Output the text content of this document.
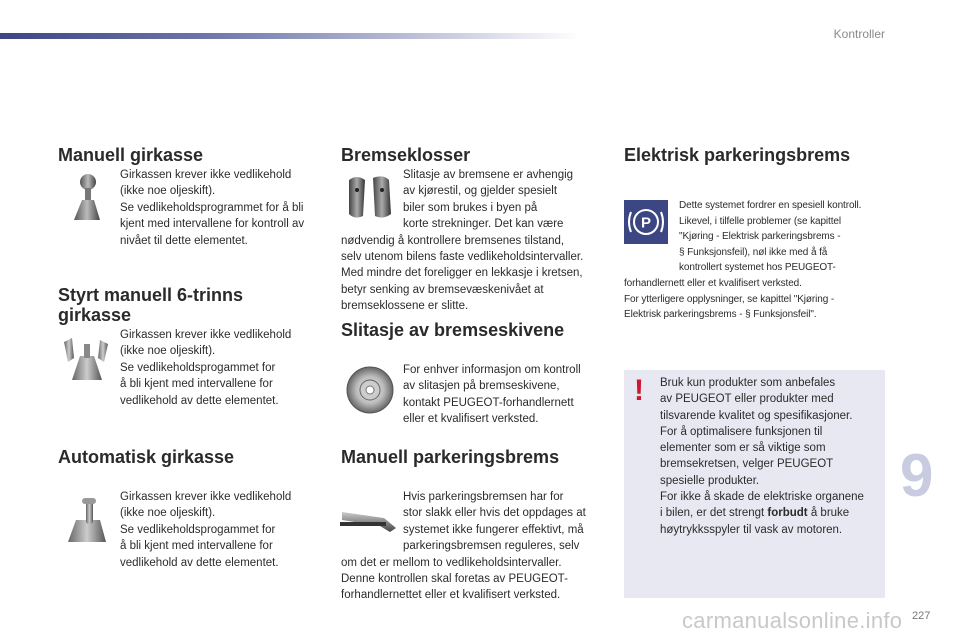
Kontroller
Manuell girkasse

Girkassen krever ikke vedlikehold
(ikke noe oljeskift).
Se vedlikeholdsprogrammet for å bli
kjent med intervallene for kontroll av
nivået til dette elementet.

Styrt manuell 6-trinns
girkasse

Girkassen krever ikke vedlikehold
(ikke noe oljeskift).
Se vedlikeholdsprogammet for
å bli kjent med intervallene for
vedlikehold av dette elementet.

Automatisk girkasse

Girkassen krever ikke vedlikehold
(ikke noe oljeskift).
Se vedlikeholdsprogammet for
å bli kjent med intervallene for
vedlikehold av dette elementet.

Bremseklosser

Slitasje av bremsene er avhengig
av kjørestil, og gjelder spesielt
biler som brukes i byen på
korte strekninger. Det kan være
nødvendig å kontrollere bremsenes tilstand,
selv utenom bilens faste vedlikeholdsintervaller.
Med mindre det foreligger en lekkasje i kretsen,
betyr senking av bremsevæskenivået at
bremseklossene er slitte.

Slitasje av bremseskivene

For enhver informasjon om kontroll
av slitasjen på bremseskivene,
kontakt PEUGEOT-forhandlernett
eller et kvalifisert verksted.

Manuell parkeringsbrems

Hvis parkeringsbremsen har for
stor slakk eller hvis det oppdages at
systemet ikke fungerer effektivt, må
parkeringsbremsen reguleres, selv
om det er mellom to vedlikeholdsintervaller.
Denne kontrollen skal foretas av PEUGEOT-
forhandlernettet eller et kvalifisert verksted.

Elektrisk parkeringsbrems
P

Dette systemet fordrer en spesiell kontroll.
Likevel, i tilfelle problemer (se kapittel
"Kjøring - Elektrisk parkeringsbrems -
§ Funksjonsfeil), nøl ikke med å få
kontrollert systemet hos PEUGEOT-
forhandlernett eller et kvalifisert verksted.
For ytterligere opplysninger, se kapittel "Kjøring -
Elektrisk parkeringsbrems - § Funksjonsfeil".

! Bruk kun produkter som anbefales
av PEUGEOT eller produkter med
tilsvarende kvalitet og spesifikasjoner.
For å optimalisere funksjonen til
elementer som er så viktige som
bremsekretsen, velger PEUGEOT
spesielle produkter.
For ikke å skade de elektriske organene
i bilen, er det strengt forbudt å bruke
høytrykksspyler til vask av motoren.

9
227
carmanualsonline.info
